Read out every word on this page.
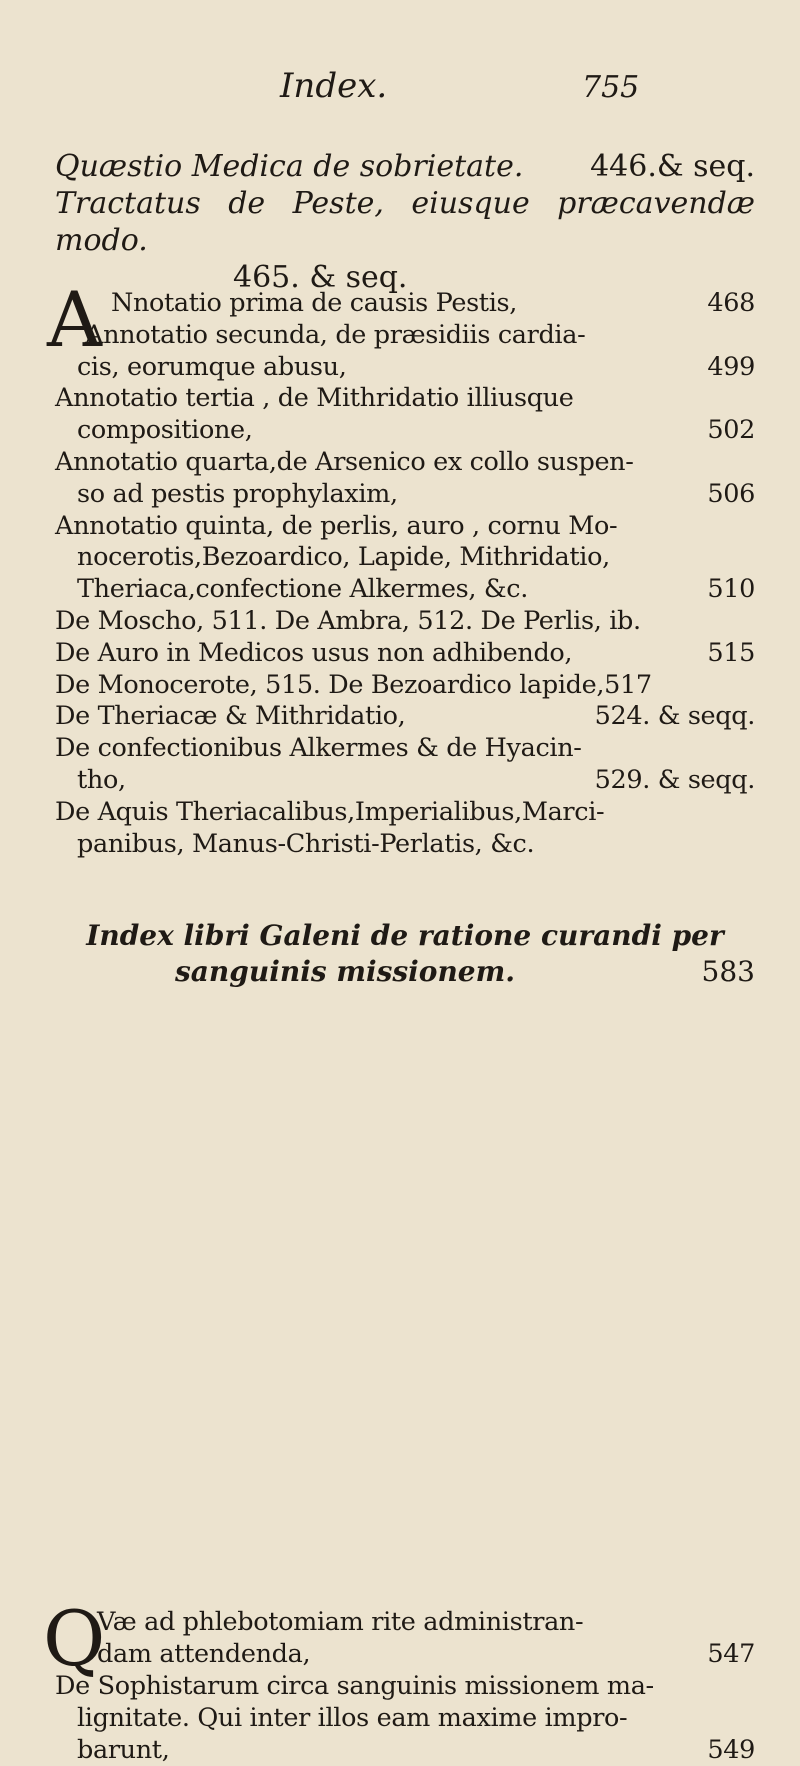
Index.	755
Quæstio Medica de sobrietate. 446.& seq.
Tractatus de Peste, eiusque præcavendæ modo.
465. & seq.
A Nnotatio prima de causis Pestis,	468
Annotatio secunda, de præsidiis cardia-
cis, eorumque abusu,	499
Annotatio tertia , de Mithridatio illiusque
compositione,	502
Annotatio quarta,de Arsenico ex collo suspen-
so ad pestis prophylaxim,	506
Annotatio quinta, de perlis, auro , cornu Mo-
nocerotis,Bezoardico, Lapide, Mithridatio,
Theriaca,confectione Alkermes, &c.	510
De Moscho, 511. De Ambra, 512. De Perlis, ib.
De Auro in Medicos usus non adhibendo,	515
De Monocerote, 515. De Bezoardico lapide,517
De Theriacæ & Mithridatio,	524. & seqq.
De confectionibus Alkermes & de Hyacin-
tho,	529. & seqq.
De Aquis Theriacalibus,Imperialibus,Marci-
panibus, Manus-Christi-Perlatis, &c.
Index libri Galeni de ratione curandi per
sanguinis missionem.	583
Q
Væ ad phlebotomiam rite administran-
dam attendenda,	547
De Sophistarum circa sanguinis missionem ma-
lignitate. Qui inter illos eam maxime impro-
barunt,	549
